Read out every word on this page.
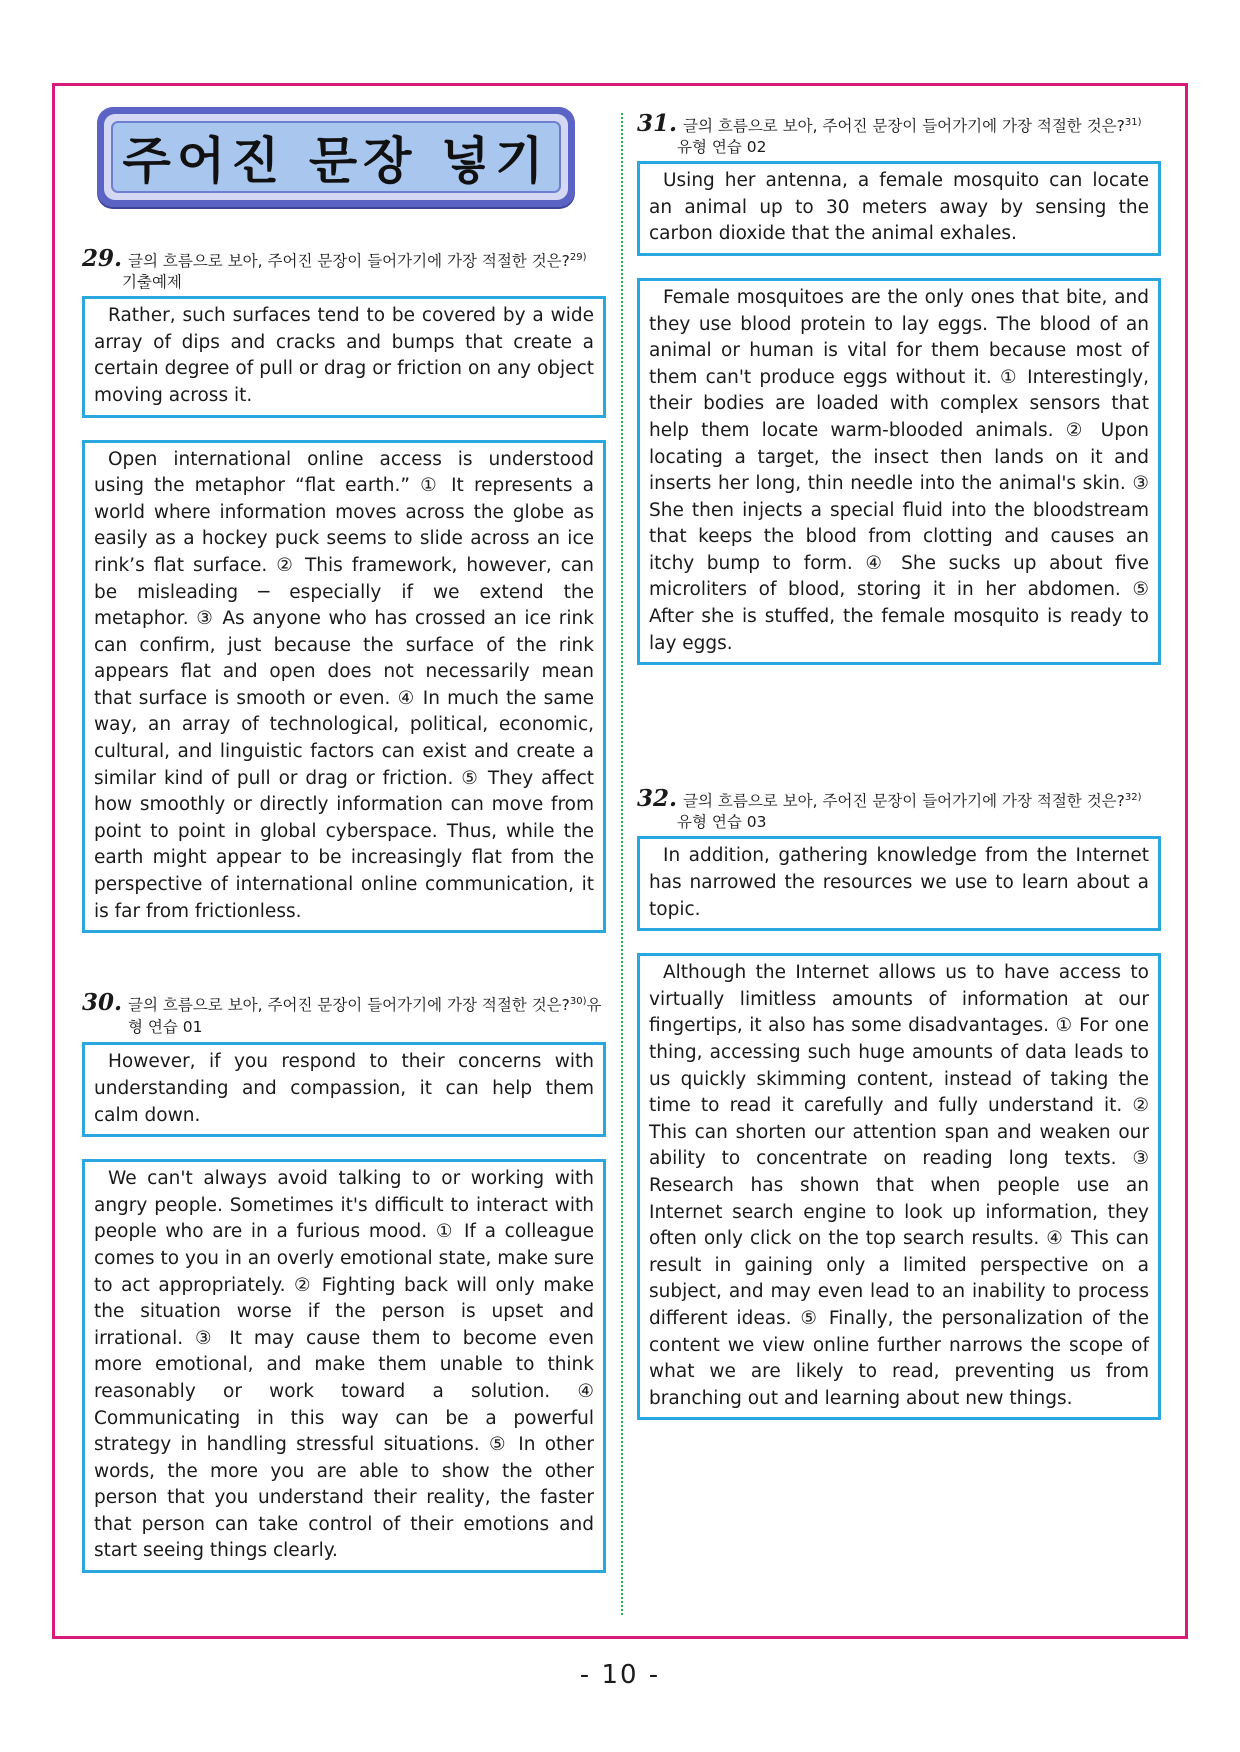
주어진 문장 넣기
29. 글의 흐름으로 보아, 주어진 문장이 들어가기에 가장 적절한 것은?$^{29)}$
기출예제

Rather, such surfaces tend to be covered by a wide array of dips and cracks and bumps that create a certain degree of pull or drag or friction on any object moving across it.

Open international online access is understood using the metaphor “flat earth.” ① It represents a world where information moves across the globe as easily as a hockey puck seems to slide across an ice rink’s flat surface. ② This framework, however, can be misleading ─ especially if we extend the metaphor. ③ As anyone who has crossed an ice rink can confirm, just because the surface of the rink appears flat and open does not necessarily mean that surface is smooth or even. ④ In much the same way, an array of technological, political, economic, cultural, and linguistic factors can exist and create a similar kind of pull or drag or friction. ⑤ They affect how smoothly or directly information can move from point to point in global cyberspace. Thus, while the earth might appear to be increasingly flat from the perspective of international online communication, it is far from frictionless.

30. 글의 흐름으로 보아, 주어진 문장이 들어가기에 가장 적절한 것은?$^{30)}$유형 연습 01

However, if you respond to their concerns with understanding and compassion, it can help them calm down.

We can't always avoid talking to or working with angry people. Sometimes it's difficult to interact with people who are in a furious mood. ① If a colleague comes to you in an overly emotional state, make sure to act appropriately. ② Fighting back will only make the situation worse if the person is upset and irrational. ③ It may cause them to become even more emotional, and make them unable to think reasonably or work toward a solution. ④ Communicating in this way can be a powerful strategy in handling stressful situations. ⑤ In other words, the more you are able to show the other person that you understand their reality, the faster that person can take control of their emotions and start seeing things clearly.

31. 글의 흐름으로 보아, 주어진 문장이 들어가기에 가장 적절한 것은?$^{31)}$
유형 연습 02

Using her antenna, a female mosquito can locate an animal up to 30 meters away by sensing the carbon dioxide that the animal exhales.

Female mosquitoes are the only ones that bite, and they use blood protein to lay eggs. The blood of an animal or human is vital for them because most of them can't produce eggs without it. ① Interestingly, their bodies are loaded with complex sensors that help them locate warm-blooded animals. ② Upon locating a target, the insect then lands on it and inserts her long, thin needle into the animal's skin. ③ She then injects a special fluid into the bloodstream that keeps the blood from clotting and causes an itchy bump to form. ④ She sucks up about five microliters of blood, storing it in her abdomen. ⑤ After she is stuffed, the female mosquito is ready to lay eggs.

32. 글의 흐름으로 보아, 주어진 문장이 들어가기에 가장 적절한 것은?$^{32)}$
유형 연습 03

In addition, gathering knowledge from the Internet has narrowed the resources we use to learn about a topic.

Although the Internet allows us to have access to virtually limitless amounts of information at our fingertips, it also has some disadvantages. ① For one thing, accessing such huge amounts of data leads to us quickly skimming content, instead of taking the time to read it carefully and fully understand it. ② This can shorten our attention span and weaken our ability to concentrate on reading long texts. ③ Research has shown that when people use an Internet search engine to look up information, they often only click on the top search results. ④ This can result in gaining only a limited perspective on a subject, and may even lead to an inability to process different ideas. ⑤ Finally, the personalization of the content we view online further narrows the scope of what we are likely to read, preventing us from branching out and learning about new things.

- 10 -
